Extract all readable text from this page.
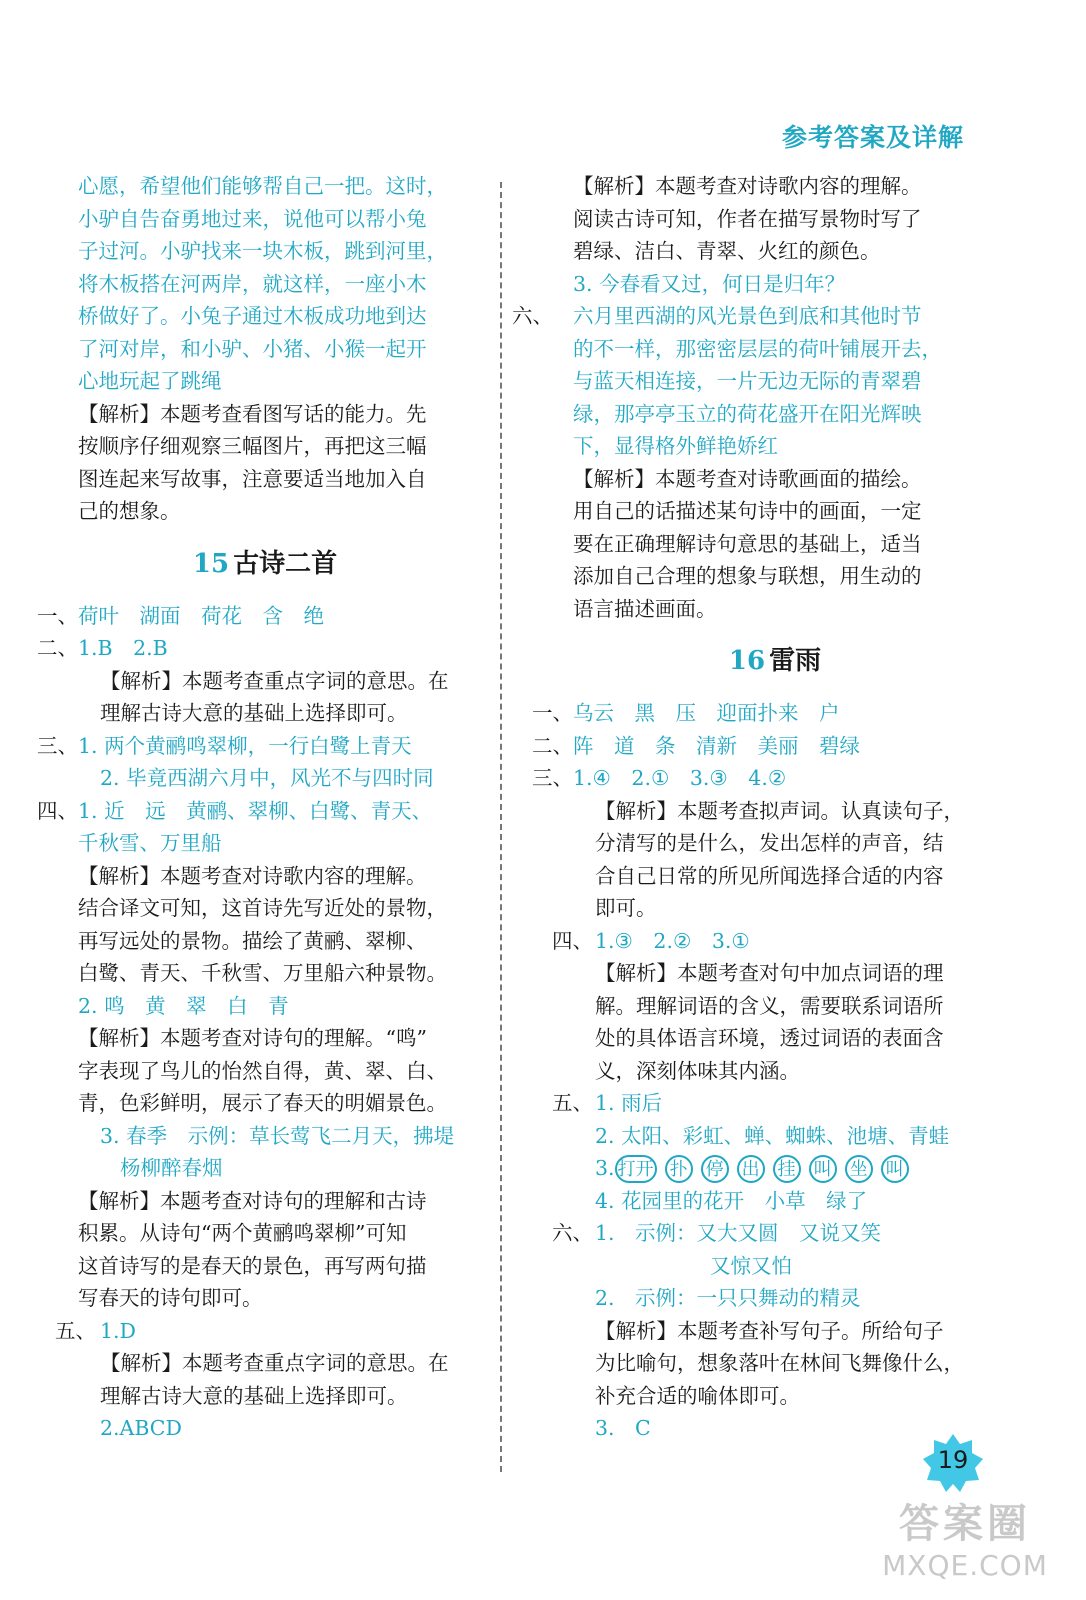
参考答案及详解
心愿，希望他们能够帮自己一把。这时，
小驴自告奋勇地过来，说他可以帮小兔
子过河。小驴找来一块木板，跳到河里，
将木板搭在河两岸，就这样，一座小木
桥做好了。小兔子通过木板成功地到达
了河对岸，和小驴、小猪、小猴一起开
心地玩起了跳绳
【解析】本题考查看图写话的能力。先
按顺序仔细观察三幅图片，再把这三幅
图连起来写故事，注意要适当地加入自
己的想象。
15 古诗二首
一、 荷叶　湖面　荷花　含　绝
二、 1.B　2.B
【解析】本题考查重点字词的意思。在
理解古诗大意的基础上选择即可。
三、 1. 两个黄鹂鸣翠柳，一行白鹭上青天
2. 毕竟西湖六月中，风光不与四时同
四、 1. 近　远　黄鹂、翠柳、白鹭、青天、
千秋雪、万里船
【解析】本题考查对诗歌内容的理解。
结合译文可知，这首诗先写近处的景物，
再写远处的景物。描绘了黄鹂、翠柳、
白鹭、青天、千秋雪、万里船六种景物。
2. 鸣　黄　翠　白　青
【解析】本题考查对诗句的理解。“鸣”
字表现了鸟儿的怡然自得，黄、翠、白、
青，色彩鲜明，展示了春天的明媚景色。
3. 春季　示例：草长莺飞二月天，拂堤
杨柳醉春烟
【解析】本题考查对诗句的理解和古诗
积累。从诗句“两个黄鹂鸣翠柳”可知
这首诗写的是春天的景色，再写两句描
写春天的诗句即可。
五、 1.D
【解析】本题考查重点字词的意思。在
理解古诗大意的基础上选择即可。
2.ABCD
【解析】本题考查对诗歌内容的理解。
阅读古诗可知，作者在描写景物时写了
碧绿、洁白、青翠、火红的颜色。
3. 今春看又过，何日是归年？
六、 六月里西湖的风光景色到底和其他时节
的不一样，那密密层层的荷叶铺展开去，
与蓝天相连接，一片无边无际的青翠碧
绿，那亭亭玉立的荷花盛开在阳光辉映
下，显得格外鲜艳娇红
【解析】本题考查对诗歌画面的描绘。
用自己的话描述某句诗中的画面，一定
要在正确理解诗句意思的基础上，适当
添加自己合理的想象与联想，用生动的
语言描述画面。
16 雷雨
一、 乌云　黑　压　迎面扑来　户
二、 阵　道　条　清新　美丽　碧绿
三、 1.④　2.①　3.③　4.②
【解析】本题考查拟声词。认真读句子，
分清写的是什么，发出怎样的声音，结
合自己日常的所见所闻选择合适的内容
即可。
四、 1.③　2.②　3.①
【解析】本题考查对句中加点词语的理
解。理解词语的含义，需要联系词语所
处的具体语言环境，透过词语的表面含
义，深刻体味其内涵。
五、 1. 雨后
2. 太阳、彩虹、蝉、蜘蛛、池塘、青蛙
3. 打开 扑 停 出 挂 叫 坐 叫
4. 花园里的花开　小草　绿了
六、 1.　示例：又大又圆　又说又笑
又惊又怕
2.　示例：一只只舞动的精灵
【解析】本题考查补写句子。所给句子
为比喻句，想象落叶在林间飞舞像什么，
补充合适的喻体即可。
3.　C
19
答案圈
MXQE.COM
